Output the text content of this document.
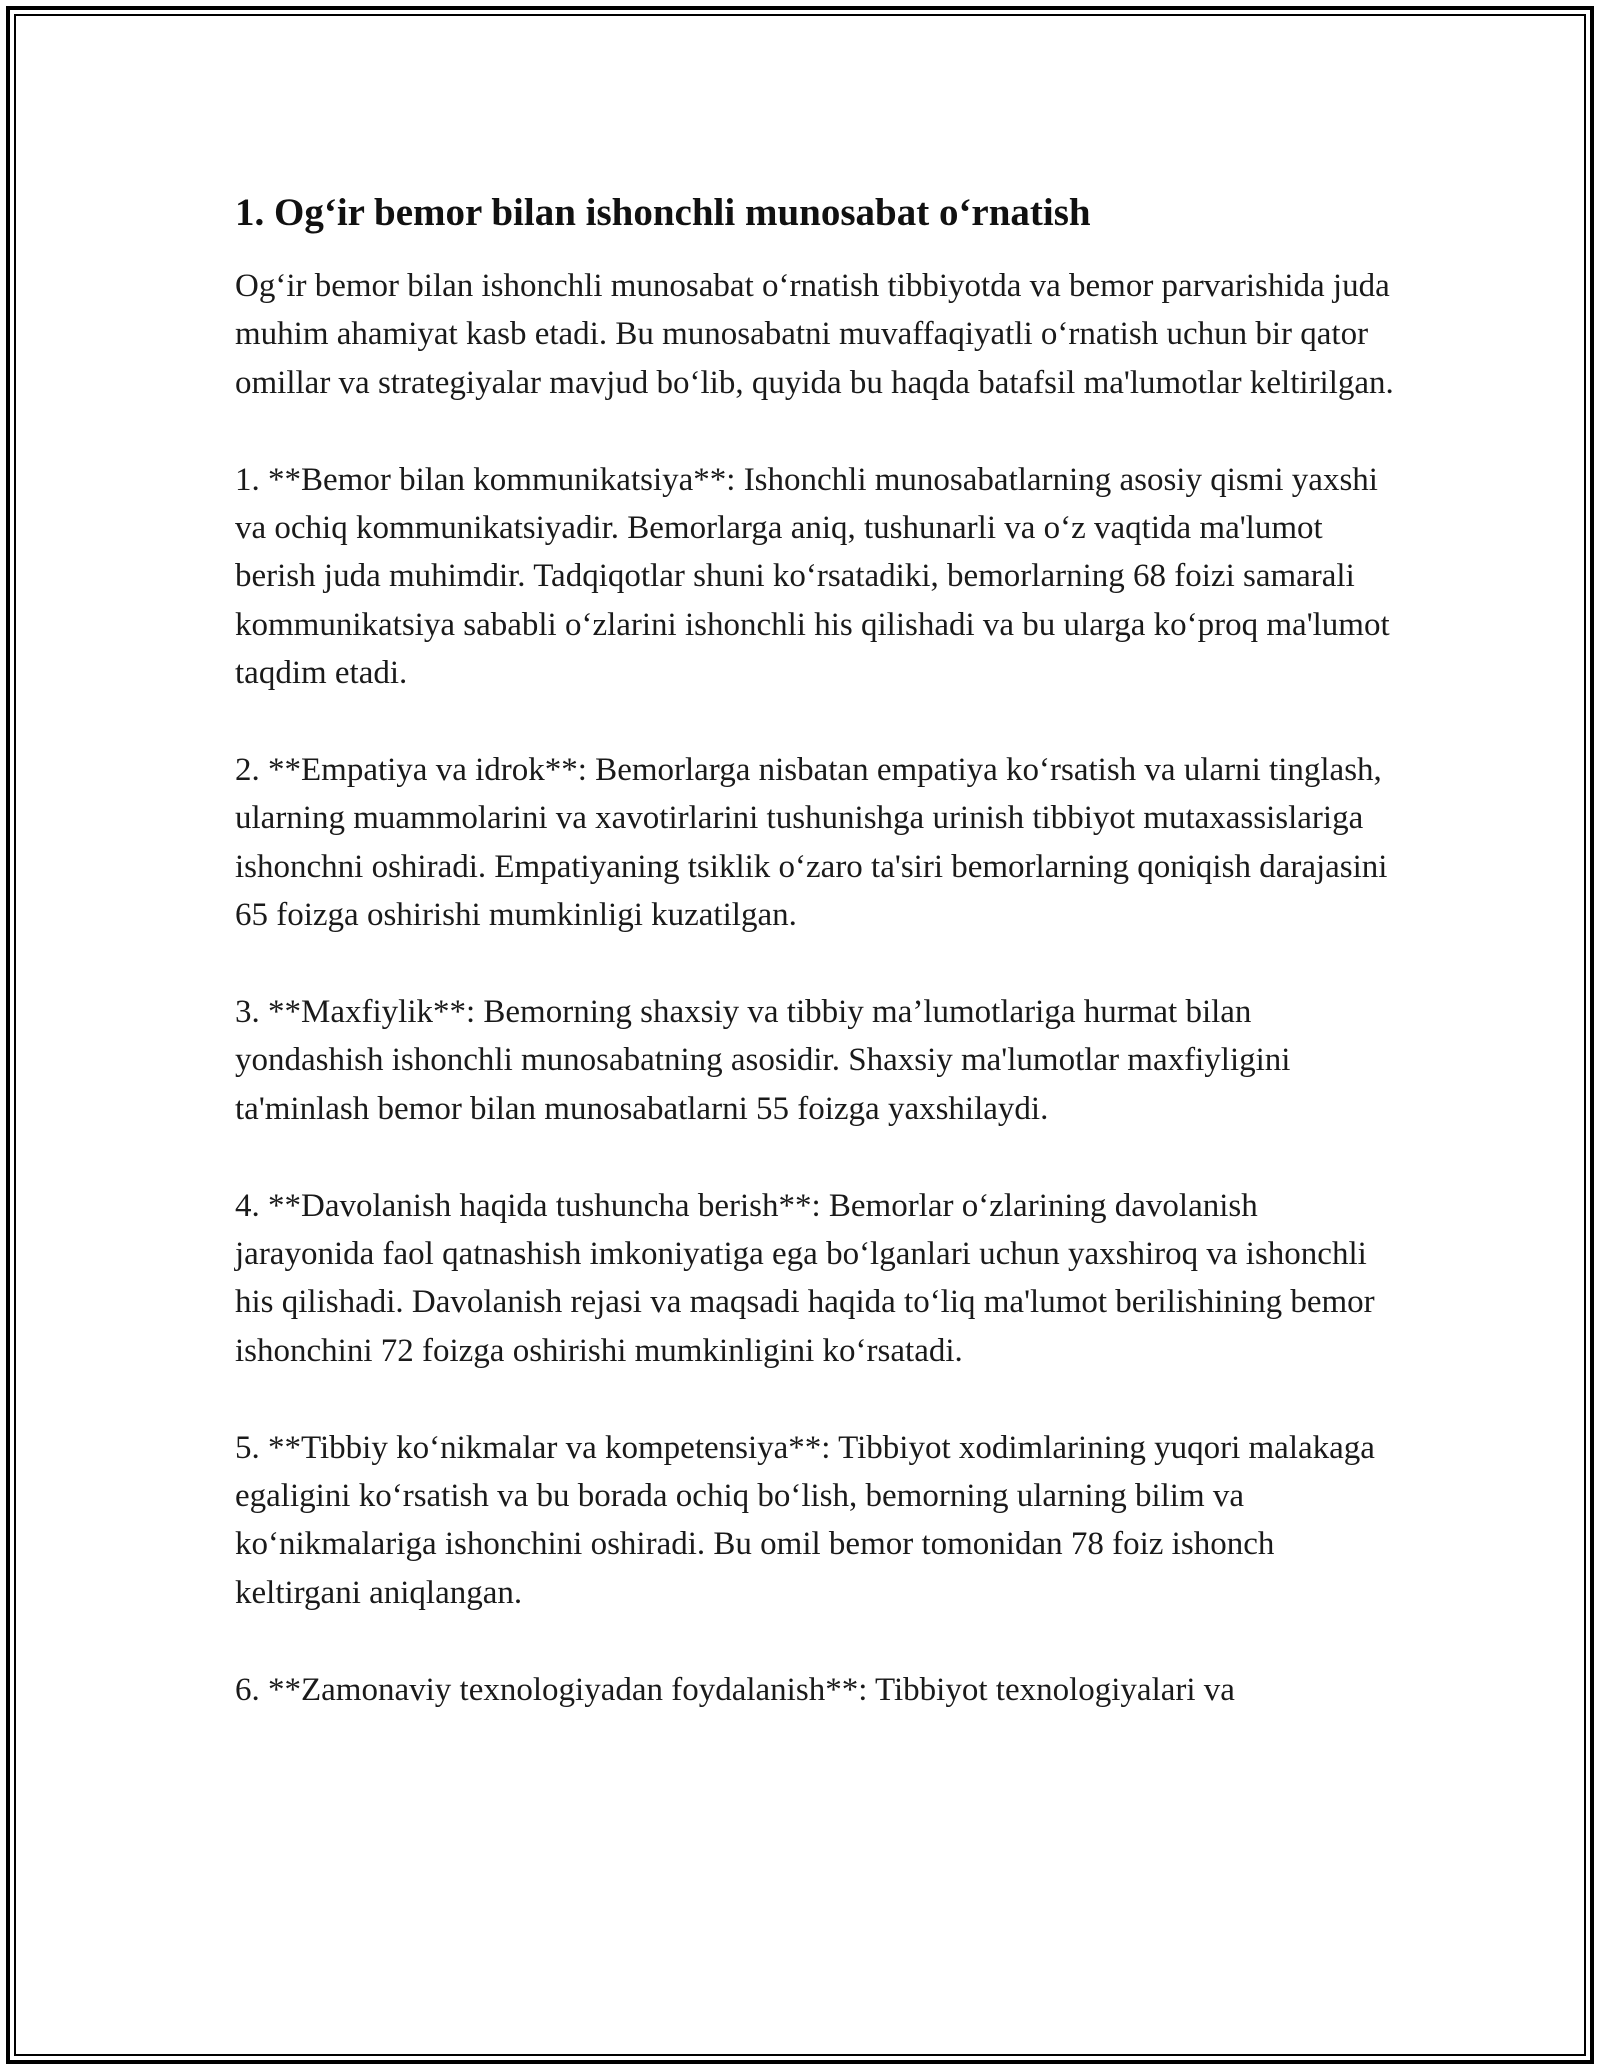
1. Og‘ir bemor bilan ishonchli munosabat o‘rnatish

Og‘ir bemor bilan ishonchli munosabat o‘rnatish tibbiyotda va bemor parvarishida juda muhim ahamiyat kasb etadi. Bu munosabatni muvaffaqiyatli o‘rnatish uchun bir qator omillar va strategiyalar mavjud bo‘lib, quyida bu haqda batafsil ma'lumotlar keltirilgan.

1. **Bemor bilan kommunikatsiya**: Ishonchli munosabatlarning asosiy qismi yaxshi va ochiq kommunikatsiyadir. Bemorlarga aniq, tushunarli va o‘z vaqtida ma'lumot berish juda muhimdir. Tadqiqotlar shuni ko‘rsatadiki, bemorlarning 68 foizi samarali kommunikatsiya sababli o‘zlarini ishonchli his qilishadi va bu ularga ko‘proq ma'lumot taqdim etadi.

2. **Empatiya va idrok**: Bemorlarga nisbatan empatiya ko‘rsatish va ularni tinglash, ularning muammolarini va xavotirlarini tushunishga urinish tibbiyot mutaxassislariga ishonchni oshiradi. Empatiyaning tsiklik o‘zaro ta'siri bemorlarning qoniqish darajasini 65 foizga oshirishi mumkinligi kuzatilgan.

3. **Maxfiylik**: Bemorning shaxsiy va tibbiy ma’lumotlariga hurmat bilan yondashish ishonchli munosabatning asosidir. Shaxsiy ma'lumotlar maxfiyligini ta'minlash bemor bilan munosabatlarni 55 foizga yaxshilaydi.

4. **Davolanish haqida tushuncha berish**: Bemorlar o‘zlarining davolanish jarayonida faol qatnashish imkoniyatiga ega bo‘lganlari uchun yaxshiroq va ishonchli his qilishadi. Davolanish rejasi va maqsadi haqida to‘liq ma'lumot berilishining bemor ishonchini 72 foizga oshirishi mumkinligini ko‘rsatadi.

5. **Tibbiy ko‘nikmalar va kompetensiya**: Tibbiyot xodimlarining yuqori malakaga egaligini ko‘rsatish va bu borada ochiq bo‘lish, bemorning ularning bilim va ko‘nikmalariga ishonchini oshiradi. Bu omil bemor tomonidan 78 foiz ishonch keltirgani aniqlangan.

6. **Zamonaviy texnologiyadan foydalanish**: Tibbiyot texnologiyalari va
